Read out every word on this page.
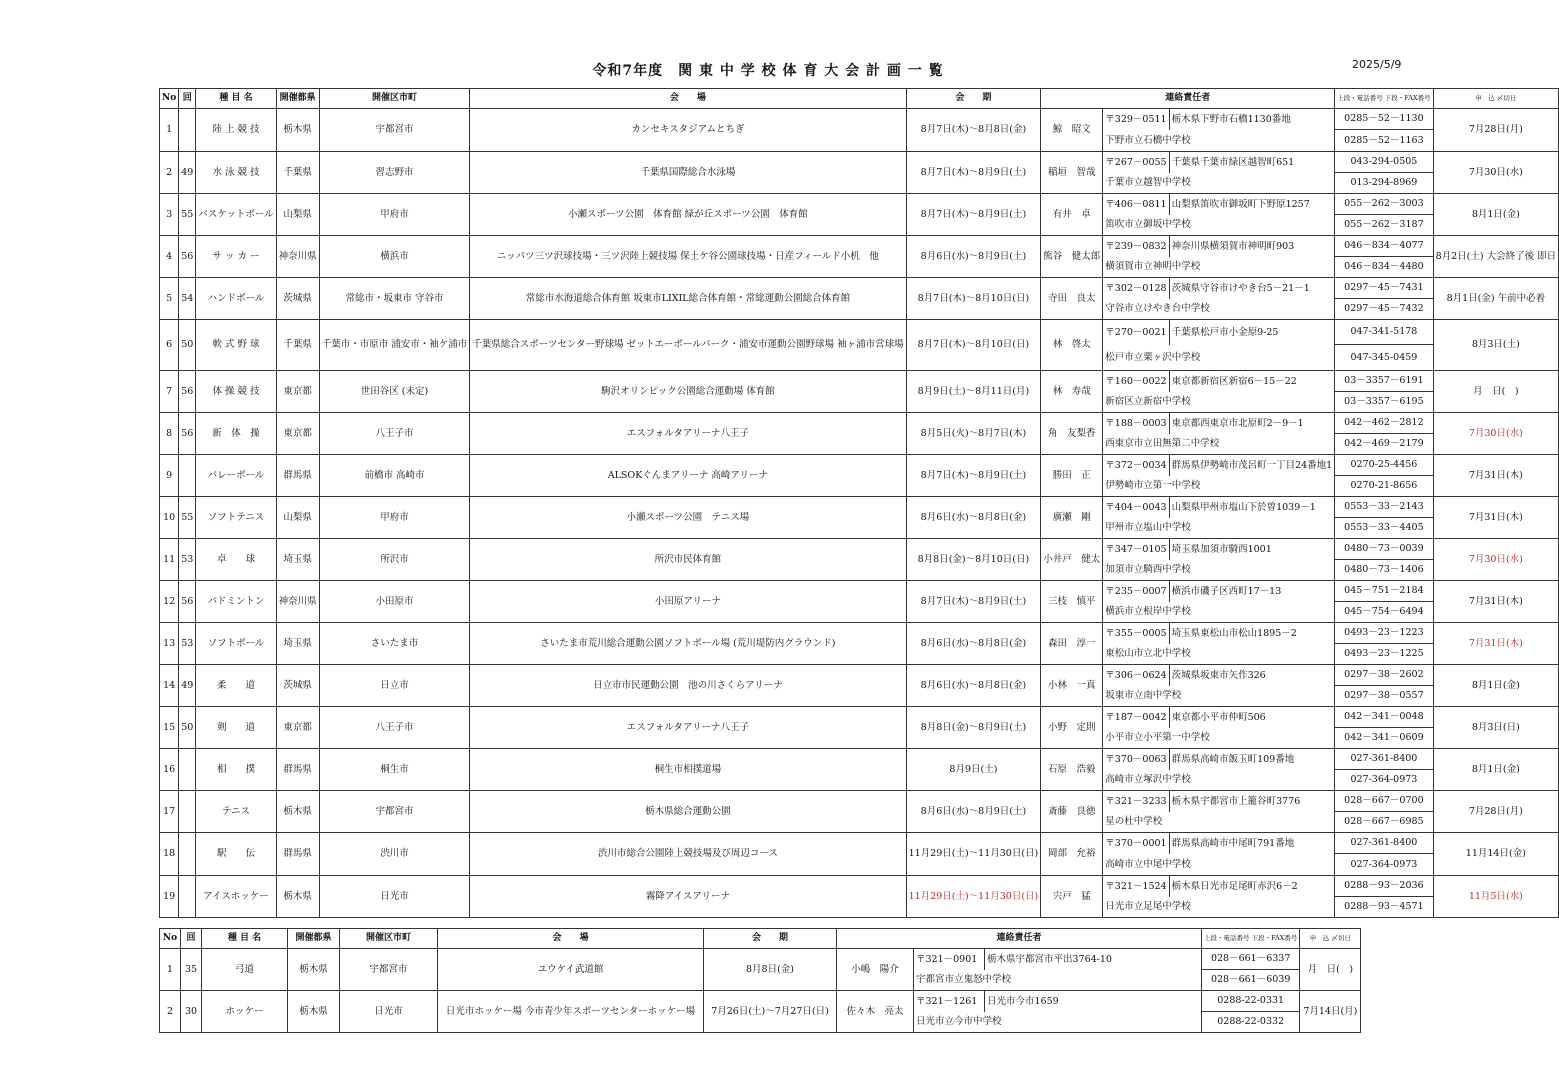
令和7年度　関 東 中 学 校 体 育 大 会 計 画 一 覧	2025/5/9
No	回	種 目 名	開催都県	開催区市町	会　　場	会　　期	連絡責任者			上段・電話番号 下段・FAX番号	申　込 〆切日
1		陸 上 競 技	栃木県	宇都宮市	カンセキスタジアムとちぎ	8月7日(木)～8月8日(金)	鯨　昭文	〒329－0511	栃木県下野市石橋1130番地	0285－52－1130	7月28日(月)
								下野市立石橋中学校		0285－52－1163	
2	49	水 泳 競 技	千葉県	習志野市	千葉県国際総合水泳場	8月7日(木)～8月9日(土)	稲垣　智哉	〒267－0055	千葉県千葉市緑区越智町651	043-294-0505	7月30日(水)
								千葉市立越智中学校		013-294-8969	
3	55	バスケットボール	山梨県	甲府市	小瀬スポーツ公園　体育館 緑が丘スポーツ公園　体育館	8月7日(木)～8月9日(土)	有井　卓	〒406－0811	山梨県笛吹市御坂町下野原1257	055－262－3003	8月1日(金)
								笛吹市立御坂中学校		055－262－3187	
4	56	サ ッ カ ー	神奈川県	横浜市	ニッパツ三ツ沢球技場・三ツ沢陸上競技場 保土ケ谷公園球技場・日産フィールド小机　他	8月6日(水)～8月9日(土)	熊谷　健太郎	〒239－0832	神奈川県横須賀市神明町903	046－834－4077	8月2日(土) 大会終了後 即日
								横須賀市立神明中学校		046－834－4480	
5	54	ハンドボール	茨城県	常総市・坂東市 守谷市	常総市水海道総合体育館 坂東市LIXIL総合体育館・常総運動公園総合体育館	8月7日(木)～8月10日(日)	寺田　良太	〒302－0128	茨城県守谷市けやき台5－21－1	0297－45－7431	8月1日(金) 午前中必着
								守谷市立けやき台中学校		0297－45－7432	
6	50	軟 式 野 球	千葉県	千葉市・市原市 浦安市・袖ケ浦市	千葉県総合スポーツセンター野球場 ゼットエーボールパーク・浦安市運動公園野球場 袖ヶ浦市営球場	8月7日(木)～8月10日(日)	林　啓太	〒270－0021	千葉県松戸市小金原9-25	047-341-5178	8月3日(土)
								松戸市立栗ヶ沢中学校		047-345-0459	
7	56	体 操 競 技	東京都	世田谷区 (未定)	駒沢オリンピック公園総合運動場 体育館	8月9日(土)～8月11日(月)	林　寿哉	〒160－0022	東京都新宿区新宿6－15－22	03－3357－6191	月　日(　)
								新宿区立新宿中学校		03－3357－6195	
8	56	新　体　操	東京都	八王子市	エスフォルタアリーナ八王子	8月5日(火)～8月7日(木)	角　友梨香	〒188－0003	東京都西東京市北原町2－9－1	042－462－2812	7月30日(水)
								西東京市立田無第二中学校		042－469－2179	
9		バレーボール	群馬県	前橋市 高崎市	ALSOKぐんまアリーナ 高崎アリーナ	8月7日(木)～8月9日(土)	勝田　正	〒372－0034	群馬県伊勢崎市茂呂町一丁目24番地1	0270-25-4456	7月31日(木)
								伊勢崎市立第一中学校		0270-21-8656	
10	55	ソフトテニス	山梨県	甲府市	小瀬スポーツ公園　テニス場	8月6日(水)～8月8日(金)	廣瀬　剛	〒404－0043	山梨県甲州市塩山下於曽1039－1	0553－33－2143	7月31日(木)
								甲州市立塩山中学校		0553－33－4405	
11	53	卓　　球	埼玉県	所沢市	所沢市民体育館	8月8日(金)～8月10日(日)	小井戸　健太	〒347－0105	埼玉県加須市騎西1001	0480－73－0039	7月30日(水)
								加須市立騎西中学校		0480－73－1406	
12	56	バドミントン	神奈川県	小田原市	小田原アリーナ	8月7日(木)～8月9日(土)	三枝　慎平	〒235－0007	横浜市磯子区西町17－13	045－751－2184	7月31日(木)
								横浜市立根岸中学校		045－754－6494	
13	53	ソフトボール	埼玉県	さいたま市	さいたま市荒川総合運動公園ソフトボール場 (荒川堤防内グラウンド)	8月6日(水)～8月8日(金)	森田　淳一	〒355－0005	埼玉県東松山市松山1895－2	0493－23－1223	7月31日(木)
								東松山市立北中学校		0493－23－1225	
14	49	柔　　道	茨城県	日立市	日立市市民運動公園　池の川さくらアリーナ	8月6日(水)～8月8日(金)	小林　一真	〒306－0624	茨城県坂東市矢作326	0297－38－2602	8月1日(金)
								坂東市立南中学校		0297－38－0557	
15	50	剣　　道	東京都	八王子市	エスフォルタアリーナ八王子	8月8日(金)～8月9日(土)	小野　定則	〒187－0042	東京都小平市仲町506	042－341－0048	8月3日(日)
								小平市立小平第一中学校		042－341－0609	
16		相　　撲	群馬県	桐生市	桐生市相撲道場	8月9日(土)	石原　浩毅	〒370－0063	群馬県高崎市飯玉町109番地	027-361-8400	8月1日(金)
								高崎市立塚沢中学校		027-364-0973	
17		テニス	栃木県	宇都宮市	栃木県総合運動公園	8月6日(水)～8月9日(土)	斎藤　良徳	〒321－3233	栃木県宇都宮市上籠谷町3776	028－667－0700	7月28日(月)
								星の杜中学校		028－667－6985	
18		駅　　伝	群馬県	渋川市	渋川市総合公園陸上競技場及び周辺コース	11月29日(土)～11月30日(日)	岡部　允裕	〒370－0001	群馬県高崎市中尾町791番地	027-361-8400	11月14日(金)
								高崎市立中尾中学校		027-364-0973	
19		アイスホッケー	栃木県	日光市	霧降アイスアリーナ	11月29日(土)～11月30日(日)	宍戸　猛	〒321－1524	栃木県日光市足尾町赤沢6－2	0288－93－2036	11月5日(水)
								日光市立足尾中学校		0288－93－4571	
No	回	種 目 名	開催都県	開催区市町	会　　場	会　　期	連絡責任者			上段・電話番号 下段・FAX番号	申　込 〆切日
1	35	弓道	栃木県	宇都宮市	ユウケイ武道館	8月8日(金)	小嶋　陽介	〒321－0901	栃木県宇都宮市平出3764-10	028－661－6337	月　日(　)
								宇都宮市立鬼怒中学校		028－661－6039	
2	30	ホッケー	栃木県	日光市	日光市ホッケー場 今市青少年スポーツセンターホッケー場	7月26日(土)～7月27日(日)	佐々木　亮太	〒321－1261	日光市今市1659	0288-22-0331	7月14日(月)
								日光市立今市中学校		0288-22-0332	
